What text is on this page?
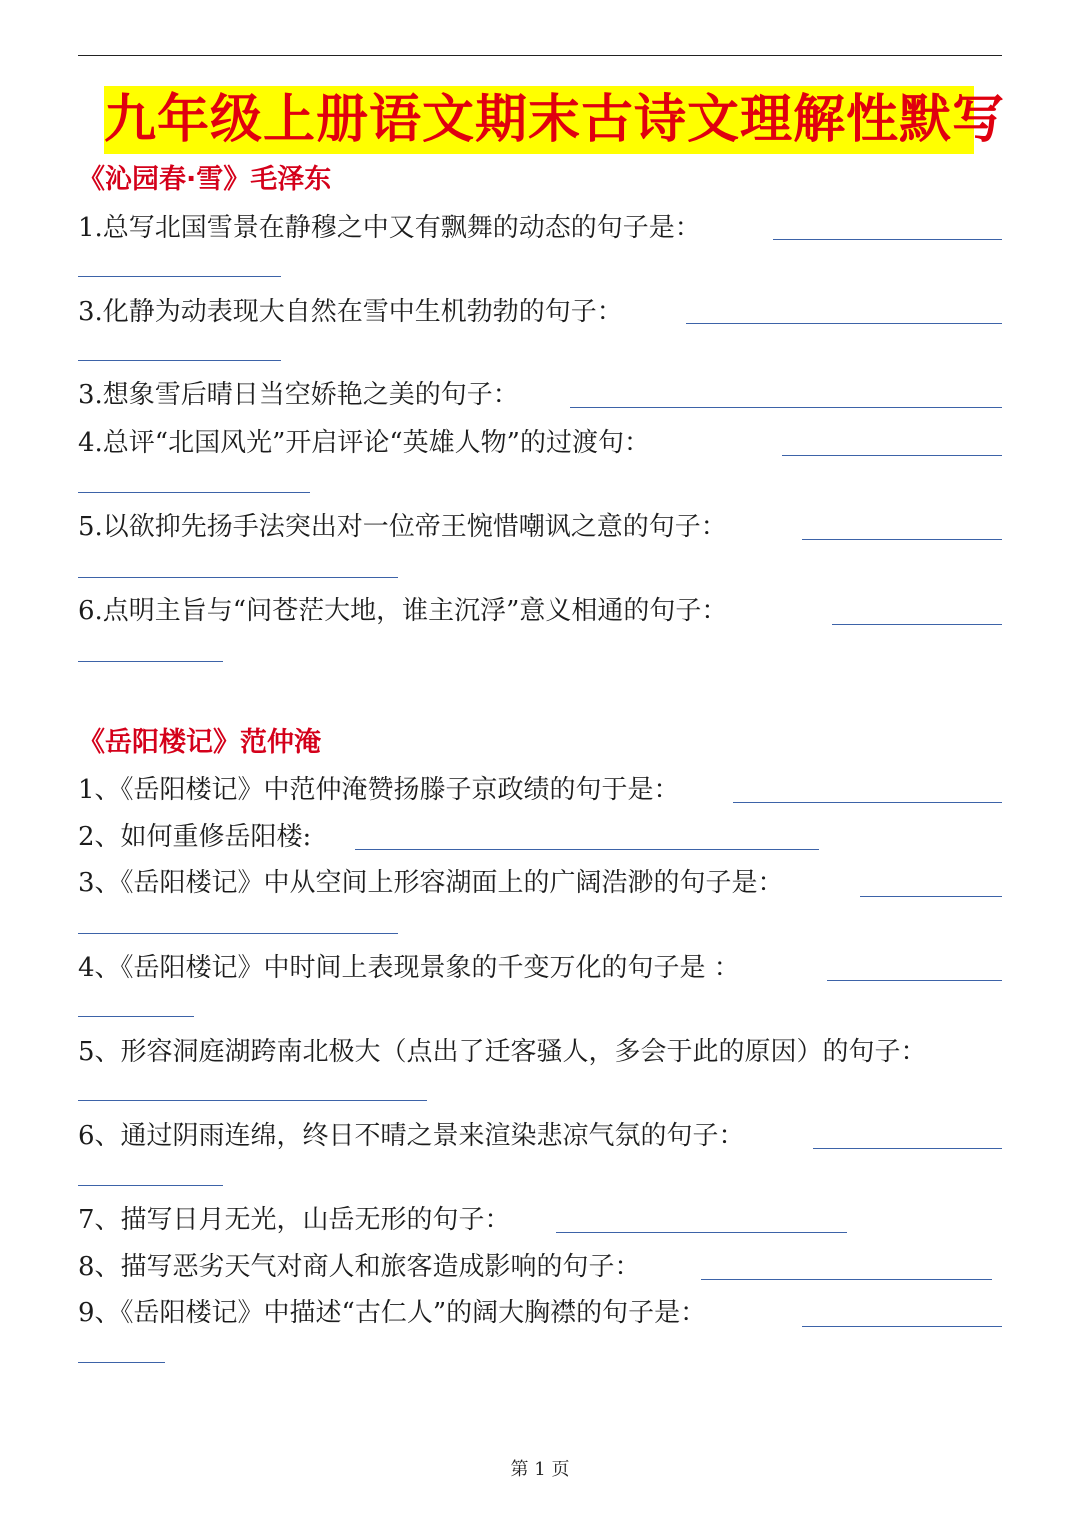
九年级上册语文期末古诗文理解性默写
《沁园春·雪》毛泽东
1.总写北国雪景在静穆之中又有飘舞的动态的句子是：
3.化静为动表现大自然在雪中生机勃勃的句子：
3.想象雪后晴日当空娇艳之美的句子：
4.总评“北国风光”开启评论“英雄人物”的过渡句：
5.以欲抑先扬手法突出对一位帝王惋惜嘲讽之意的句子：
6.点明主旨与“问苍茫大地，谁主沉浮”意义相通的句子：
《岳阳楼记》范仲淹
1、《岳阳楼记》中范仲淹赞扬滕子京政绩的句于是：
2、如何重修岳阳楼:
3、《岳阳楼记》中从空间上形容湖面上的广阔浩渺的句子是：
4、《岳阳楼记》中时间上表现景象的千变万化的句子是 ：
5、形容洞庭湖跨南北极大（点出了迁客骚人，多会于此的原因）的句子：
6、通过阴雨连绵，终日不晴之景来渲染悲凉气氛的句子：
7、描写日月无光，山岳无形的句子：
8、描写恶劣天气对商人和旅客造成影响的句子：
9、《岳阳楼记》中描述“古仁人”的阔大胸襟的句子是：
第 1 页
